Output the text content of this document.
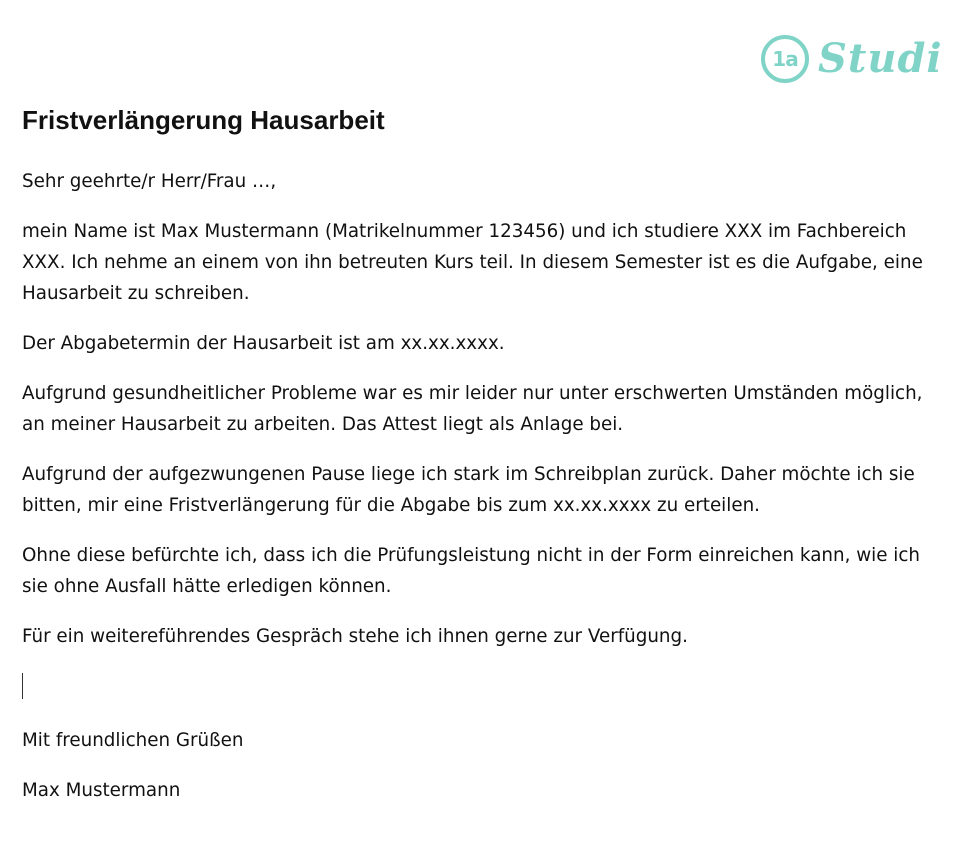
1a Studi
Fristverlängerung Hausarbeit

Sehr geehrte/r Herr/Frau …,

mein Name ist Max Mustermann (Matrikelnummer 123456) und ich studiere XXX im Fachbereich XXX. Ich nehme an einem von ihn betreuten Kurs teil. In diesem Semester ist es die Aufgabe, eine Hausarbeit zu schreiben.

Der Abgabetermin der Hausarbeit ist am xx.xx.xxxx.

Aufgrund gesundheitlicher Probleme war es mir leider nur unter erschwerten Umständen möglich, an meiner Hausarbeit zu arbeiten. Das Attest liegt als Anlage bei.

Aufgrund der aufgezwungenen Pause liege ich stark im Schreibplan zurück. Daher möchte ich sie bitten, mir eine Fristverlängerung für die Abgabe bis zum xx.xx.xxxx zu erteilen.

Ohne diese befürchte ich, dass ich die Prüfungsleistung nicht in der Form einreichen kann, wie ich sie ohne Ausfall hätte erledigen können.

Für ein weitereführendes Gespräch stehe ich ihnen gerne zur Verfügung.

Mit freundlichen Grüßen

Max Mustermann
